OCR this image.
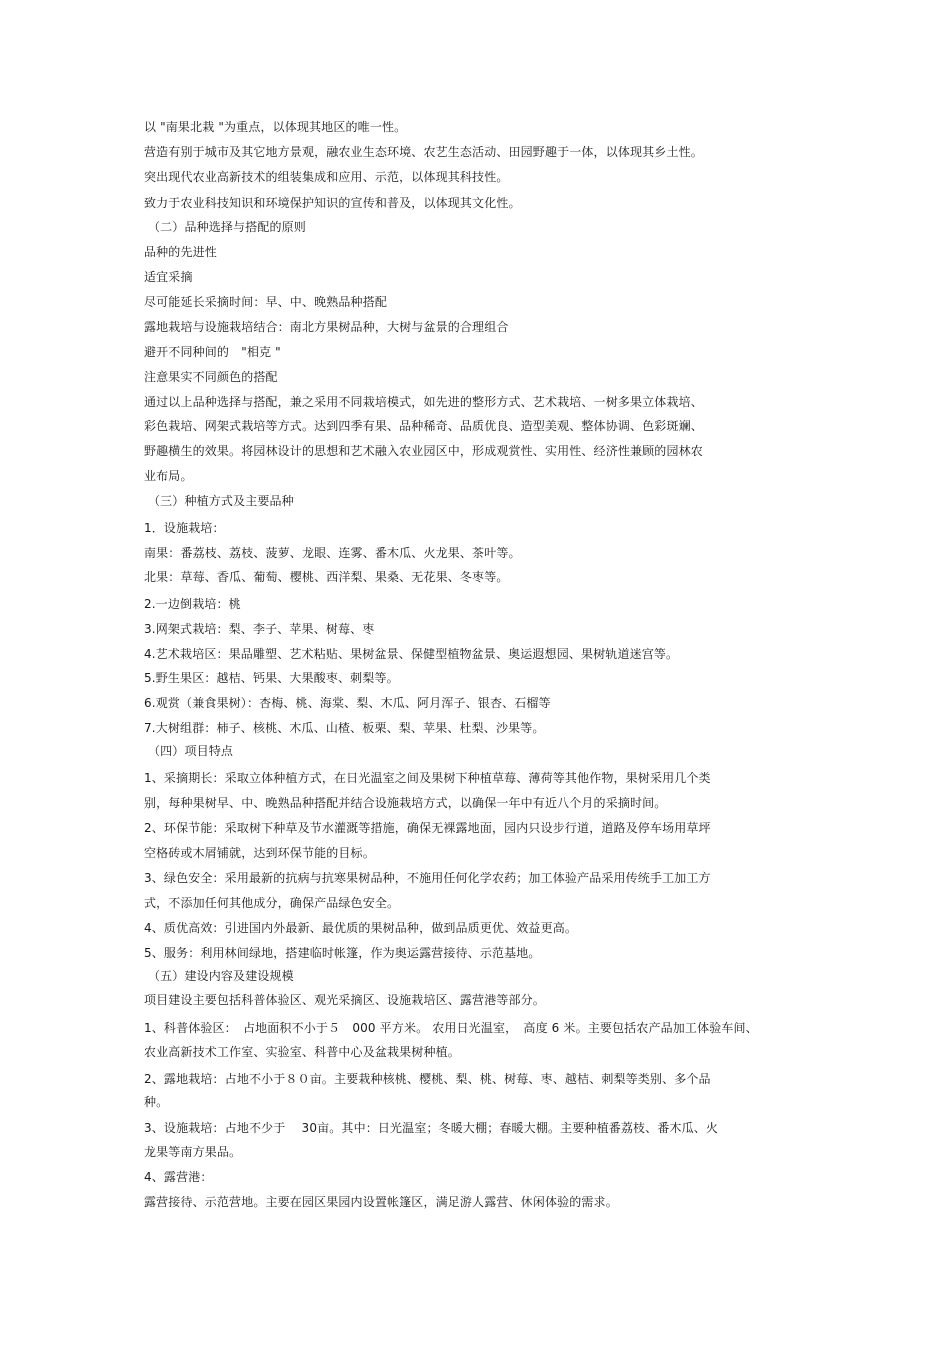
以 "南果北栽 "为重点，以体现其地区的唯一性。
营造有别于城市及其它地方景观，融农业生态环境、农艺生态活动、田园野趣于一体，以体现其乡土性。
突出现代农业高新技术的组装集成和应用、示范，以体现其科技性。
致力于农业科技知识和环境保护知识的宣传和普及，以体现其文化性。
（二）品种选择与搭配的原则
品种的先进性
适宜采摘
尽可能延长采摘时间：早、中、晚熟品种搭配
露地栽培与设施栽培结合：南北方果树品种，大树与盆景的合理组合
避开不同种间的　"相克 "
注意果实不同颜色的搭配
通过以上品种选择与搭配，兼之采用不同栽培模式，如先进的整形方式、艺术栽培、一树多果立体栽培、
彩色栽培、网架式栽培等方式。达到四季有果、品种稀奇、品质优良、造型美观、整体协调、色彩斑斓、
野趣横生的效果。将园林设计的思想和艺术融入农业园区中，形成观赏性、实用性、经济性兼顾的园林农
业布局。
（三）种植方式及主要品种
1．设施栽培：
南果：番荔枝、荔枝、菠萝、龙眼、连雾、番木瓜、火龙果、茶叶等。
北果：草莓、香瓜、葡萄、樱桃、西洋梨、果桑、无花果、冬枣等。
2.一边倒栽培：桃
3.网架式栽培：梨、李子、苹果、树莓、枣
4.艺术栽培区：果品雕塑、艺术粘贴、果树盆景、保健型植物盆景、奥运遐想园、果树轨道迷宫等。
5.野生果区：越桔、钙果、大果酸枣、刺梨等。
6.观赏（兼食果树）：杏梅、桃、海棠、梨、木瓜、阿月浑子、银杏、石榴等
7.大树组群：柿子、核桃、木瓜、山楂、板栗、梨、苹果、杜梨、沙果等。
（四）项目特点
1、采摘期长：采取立体种植方式，在日光温室之间及果树下种植草莓、薄荷等其他作物，果树采用几个类
别，每种果树早、中、晚熟品种搭配并结合设施栽培方式，以确保一年中有近八个月的采摘时间。
2、环保节能：采取树下种草及节水灌溉等措施，确保无裸露地面，园内只设步行道，道路及停车场用草坪
空格砖或木屑铺就，达到环保节能的目标。
3、绿色安全：采用最新的抗病与抗寒果树品种，不施用任何化学农药；加工体验产品采用传统手工加工方
式，不添加任何其他成分，确保产品绿色安全。
4、质优高效：引进国内外最新、最优质的果树品种，做到品质更优、效益更高。
5、服务：利用林间绿地，搭建临时帐篷，作为奥运露营接待、示范基地。
（五）建设内容及建设规模
项目建设主要包括科普体验区、观光采摘区、设施栽培区、露营港等部分。
1、科普体验区：　占地面积不小于５　000 平方米。 农用日光温室，　高度 6 米。主要包括农产品加工体验车间、
农业高新技术工作室、实验室、科普中心及盆栽果树种植。
2、露地栽培：占地不小于８０亩。主要栽种核桃、樱桃、梨、桃、树莓、枣、越桔、刺梨等类别、多个品
种。
3、设施栽培：占地不少于　 30亩。其中：日光温室；冬暖大棚；春暖大棚。主要种植番荔枝、番木瓜、火
龙果等南方果品。
4、露营港：
露营接待、示范营地。主要在园区果园内设置帐篷区，满足游人露营、休闲体验的需求。
